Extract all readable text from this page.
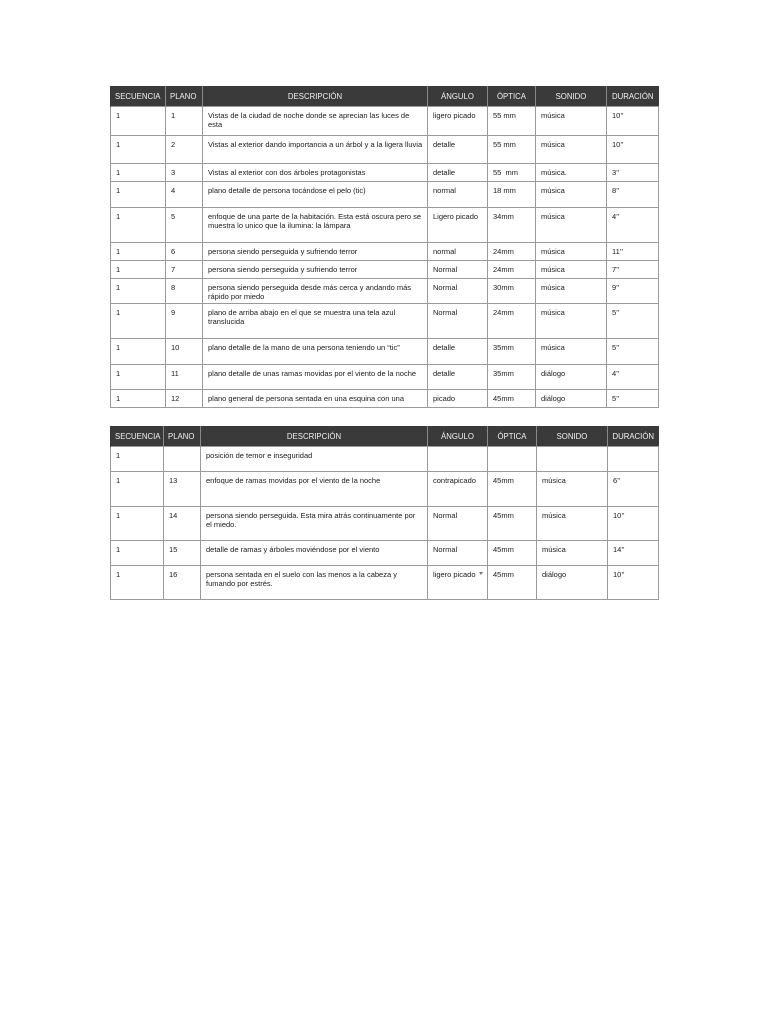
SECUENCIA	PLANO	DESCRIPCIÓN	ÁNGULO	ÓPTICA	SONIDO	DURACIÓN
1	1	Vistas de la ciudad de noche donde se aprecian las luces de esta	ligero picado	55 mm	música	10’’
1	2	Vistas al exterior dando importancia a un árbol y a la ligera lluvia	detalle	55 mm	música	10’’
1	3	Vistas al exterior con dos árboles protagonistas	detalle	55  mm	música.	3’’
1	4	plano detalle de persona tocándose el pelo (tic)	normal	18 mm	música	8’’
1	5	enfoque de una parte de la habitación. Esta está oscura pero se muestra lo unico que la ilumina: la lámpara	Ligero picado	34mm	música	4’’
1	6	persona siendo perseguida y sufriendo terror	normal	24mm	música	11’’
1	7	persona siendo perseguida y sufriendo terror	Normal	24mm	música	7’’
1	8	persona siendo perseguida desde más cerca y andando más rápido por miedo	Normal	30mm	música	9’’
1	9	plano de arriba abajo en el que se muestra una tela azul translucida	Normal	24mm	música	5’’
1	10	plano detalle de la mano de una persona teniendo un “tic”	detalle	35mm	música	5’’
1	11	plano detalle de unas ramas movidas por el viento de la noche	detalle	35mm	diálogo	4’’
1	12	plano general de persona sentada en una esquina con una	picado	45mm	diálogo	5’’
SECUENCIA	PLANO	DESCRIPCIÓN	ÁNGULO	ÓPTICA	SONIDO	DURACIÓN
1		posición de temor e inseguridad				
1	13	enfoque de ramas movidas por el viento de la noche	contrapicado	45mm	música	6’’
1	14	persona siendo perseguida. Esta mira atrás continuamente por el miedo.	Normal	45mm	música	10’’
1	15	detalle de ramas y árboles moviéndose por el viento	Normal	45mm	música	14’’
1	16	persona sentada en el suelo con las menos a la cabeza y fumando por estrés.	ligero picado	45mm	diálogo	10’’
